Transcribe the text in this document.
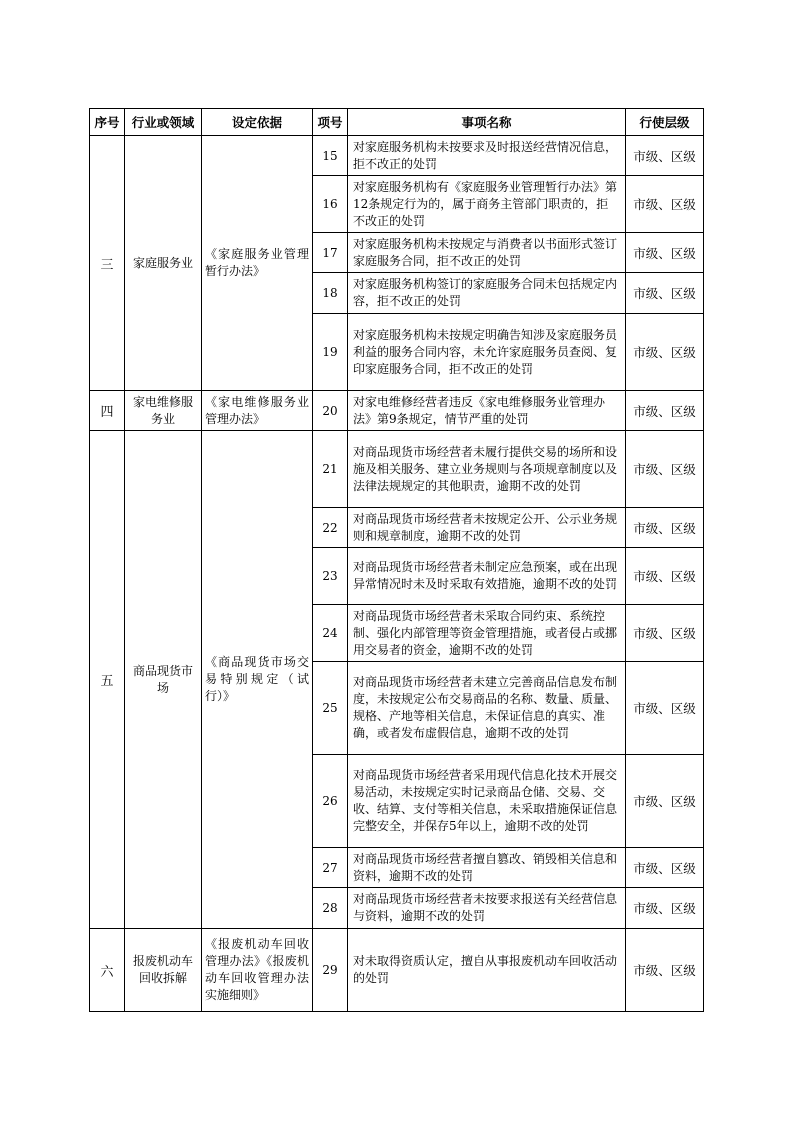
序号	行业或领域	设定依据	项号	事项名称	行使层级
三	家庭服务业	《家庭服务业管理暂行办法》	15	对家庭服务机构未按要求及时报送经营情况信息，拒不改正的处罚	市级、区级
			16	对家庭服务机构有《家庭服务业管理暂行办法》第12条规定行为的，属于商务主管部门职责的，拒不改正的处罚	市级、区级
			17	对家庭服务机构未按规定与消费者以书面形式签订家庭服务合同，拒不改正的处罚	市级、区级
			18	对家庭服务机构签订的家庭服务合同未包括规定内容，拒不改正的处罚	市级、区级
			19	对家庭服务机构未按规定明确告知涉及家庭服务员利益的服务合同内容，未允许家庭服务员查阅、复印家庭服务合同，拒不改正的处罚	市级、区级
四	家电维修服务业	《家电维修服务业管理办法》	20	对家电维修经营者违反《家电维修服务业管理办法》第9条规定，情节严重的处罚	市级、区级
五	商品现货市场	《商品现货市场交易特别规定（试行）》	21	对商品现货市场经营者未履行提供交易的场所和设施及相关服务、建立业务规则与各项规章制度以及法律法规规定的其他职责，逾期不改的处罚	市级、区级
			22	对商品现货市场经营者未按规定公开、公示业务规则和规章制度，逾期不改的处罚	市级、区级
			23	对商品现货市场经营者未制定应急预案，或在出现异常情况时未及时采取有效措施，逾期不改的处罚	市级、区级
			24	对商品现货市场经营者未采取合同约束、系统控制、强化内部管理等资金管理措施，或者侵占或挪用交易者的资金，逾期不改的处罚	市级、区级
			25	对商品现货市场经营者未建立完善商品信息发布制度，未按规定公布交易商品的名称、数量、质量、规格、产地等相关信息，未保证信息的真实、准确，或者发布虚假信息，逾期不改的处罚	市级、区级
			26	对商品现货市场经营者采用现代信息化技术开展交易活动，未按规定实时记录商品仓储、交易、交收、结算、支付等相关信息，未采取措施保证信息完整安全，并保存5年以上，逾期不改的处罚	市级、区级
			27	对商品现货市场经营者擅自篡改、销毁相关信息和资料，逾期不改的处罚	市级、区级
			28	对商品现货市场经营者未按要求报送有关经营信息与资料，逾期不改的处罚	市级、区级
六	报废机动车回收拆解	《报废机动车回收管理办法》《报废机动车回收管理办法实施细则》	29	对未取得资质认定，擅自从事报废机动车回收活动的处罚	市级、区级
